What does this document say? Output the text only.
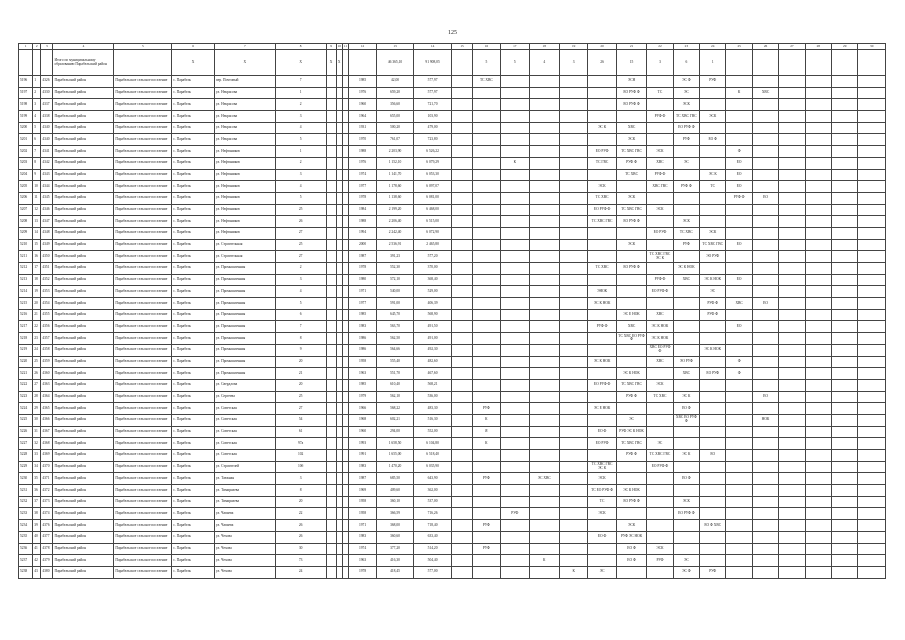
125
1	2	3	4	5	6	7	8	9	10	11	12	13	14	15	16	17	18	19	20	21	22	23	24	25	26	27	28	29	30
			Итого по муниципальному образованию Парабельский район		X	X	X	X	X			46 365,10	91 908,05		5	5	4	3	26	15	3	6	1						
5196	1	4326	Парабельский район	Парабельское сельское поселение	с. Парабель	пер. Почтовый	7				1985	42,00	577,97		ТС ХВС					ЭСН		ЭС Ф	РУФ						
5197	2	4330	Парабельский район	Парабельское сельское поселение	с. Парабель	ул. Некрасова	1				1976	659,20	577,97							ЕО РУФ Ф	ТС	ЭС		К	ХВС				
5198	3	4337	Парабельский район	Парабельское сельское поселение	с. Парабель	ул. Некрасова	2				1960	356,60	721,70							ЕО РУФ Ф		ЭСК							
5199	4	4338	Парабельский район	Парабельское сельское поселение	с. Парабель	ул. Некрасова	3				1964	655,00	103,90								РУФ Ф	ТС ХВС ГВС	ЭСК						
5200	5	4340	Парабельский район	Парабельское сельское поселение	с. Парабель	ул. Некрасова	4				1931	500,20	479,00						ЭС К	ХВС		ЕО РУФ Ф							
5201	6	4340	Парабельский район	Парабельское сельское поселение	с. Парабель	ул. Некрасова	5				1970	761,07	723,80							ЭСК		РУФ	ЕО Ф						
5202	7	4341	Парабельский район	Парабельское сельское поселение	с. Парабель	ул. Нефтяников	1				1988	2 203,90	6 526,22						ЕО РУФ	ТС ХВС ГВС	ЭСК			Ф					
5203	8	4342	Парабельский район	Парабельское сельское поселение	с. Парабель	ул. Нефтяников	2				1976	1 152,10	6 079,29			К			ТС ГВС	РУФ Ф	ХВС	ЭС		ЕО					
5204	9	4343	Парабельский район	Парабельское сельское поселение	с. Парабель	ул. Нефтяников	3				1974	1 141,70	6 053,30							ТС ХВС	РУФ Ф		ЭС К	ЕО					
5205	10	4344	Парабельский район	Парабельское сельское поселение	с. Парабель	ул. Нефтяников	4				1977	1 178,60	6 097,07						ЭСК		ХВС ГВС	РУФ Ф	ТС	ЕО					
5206	11	4345	Парабельский район	Парабельское сельское поселение	с. Парабель	ул. Нефтяников	5				1978	1 138,60	6 081,00						ТС ХВС	ЭСК				РУФ Ф	ЕО				
5207	12	4346	Парабельский район	Парабельское сельское поселение	с. Парабель	ул. Нефтяников	25				1984	2 199,20	6 468,00						ЕО РУФ Ф	ТС ХВС ГВС	ЭСК								
5208	13	4347	Парабельский район	Парабельское сельское поселение	с. Парабель	ул. Нефтяников	26				1988	2 206,40	6 515,00						ТС ХВС ГВС	ЕО РУФ Ф		ЭСК							
5209	14	4348	Парабельский район	Парабельское сельское поселение	с. Парабель	ул. Нефтяников	27				1994	2 242,40	6 072,90								ЕО РУФ	ТС ХВС	ЭСК						
5210	15	4349	Парабельский район	Парабельское сельское поселение	с. Парабель	ул. Строительная	25				2000	2 536,91	2 465,80							ЭСК		РУФ	ТС ХВС ГВС	ЕО					
5211	16	4350	Парабельский район	Парабельское сельское поселение	с. Парабель	ул. Строительная	27				1987	391,23	577,20								ТС ХВС ГВС ЭС К		ЭО РУФ						
5212	17	4351	Парабельский район	Парабельское сельское поселение	с. Парабель	ул. Промышленная	2				1978	552,30	370,00						ТС ХВС	ЕО РУФ Ф		ЭС К НОК							
5213	18	4352	Парабельский район	Парабельское сельское поселение	с. Парабель	ул. Промышленная	3				1980	572,10	368,40								РУФ Ф	ХВС	ЭС К НОК	ЕО					
5214	19	4353	Парабельский район	Парабельское сельское поселение	с. Парабель	ул. Промышленная	4				1971	540,00	529,00						ЭНОК		ЕО РУФ Ф		ЭС						
5215	20	4354	Парабельский район	Парабельское сельское поселение	с. Парабель	ул. Промышленная	5				1977	591,00	406,39						ЭС К НОК				РУФ Ф	ХВС	ЕО				
5216	21	4355	Парабельский район	Парабельское сельское поселение	с. Парабель	ул. Промышленная	6				1985	645,70	568,90							ЭС Е НОК	ХВС		РУФ Ф						
5217	22	4356	Парабельский район	Парабельское сельское поселение	с. Парабель	ул. Промышленная	7				1983	563,70	491,50						РУФ Ф	ХВС	ЭС К НОК			ЕО					
5218	23	4357	Парабельский район	Парабельское сельское поселение	с. Парабель	ул. Промышленная	8				1986	562,50	491,00							ТС ХВС ЕО РУФ Ф	ЭС К НОК								
5219	24	4358	Парабельский район	Парабельское сельское поселение	с. Парабель	ул. Промышленная	9				1986	564,66	492,30								ХВС ЕО РУФ Ф		ЭС К НОК						
5220	25	4359	Парабельский район	Парабельское сельское поселение	с. Парабель	ул. Промышленная	20				1958	555,40	482,60						ЭС К НОК		ХВС	ЭО РУФ		Ф					
5221	26	4360	Парабельский район	Парабельское сельское поселение	с. Парабель	ул. Промышленная	21				1963	551,70	467,60							ЭС К НОК		ХВС	ЕО РУФ	Ф					
5222	27	4363	Парабельский район	Парабельское сельское поселение	с. Парабель	ул. Свердлова	20				1985	610,40	568,21						ЕО РУФ Ф	ТС ХВС ГВС	ЭСК								
5223	28	4364	Парабельский район	Парабельское сельское поселение	с. Парабель	ул. Сергеева	25				1979	562,10	536,00							РУФ Ф	ТС ХВС	ЭС К			ЕО				
5224	29	4365	Парабельский район	Парабельское сельское поселение	с. Парабель	ул. Советская	27				1966	568,22	483,30		РУФ				ЭС Е НОК			ЕО Ф							
5225	30	4366	Парабельский район	Парабельское сельское поселение	с. Парабель	ул. Советская	54				1968	602,21	516,30		К					ЭС		ХВС ЕО РУФ Ф			НОК				
5226	31	4367	Парабельский район	Парабельское сельское поселение	с. Парабель	ул. Советская	61				1960	294,00	552,00		Я				ЕО Ф	РУФ ЭС К НОК									
5227	32	4368	Парабельский район	Парабельское сельское поселение	с. Парабель	ул. Советская	97а				1993	1 658,50	6 104,80		К				ЕО РУФ	ТС ХВС ГВС	ЭС								
5228	33	4369	Парабельский район	Парабельское сельское поселение	с. Парабель	ул. Советская	102				1991	1 655,00	6 518,40							РУФ Ф	ТС ХВС ГВС	ЭС К	ЕО						
5229	34	4370	Парабельский район	Парабельское сельское поселение	с. Парабель	ул. Строителей	10б				1983	1 470,20	6 035,90						ТС ХВС ГВС ЭС К		ЕО РУФ Ф								
5230	35	4371	Парабельский район	Парабельское сельское поселение	с. Парабель	ул. Таежная	3				1987	685,50	643,90		РУФ		ЭС ХВС		ЭСК			ЕО Ф							
5231	36	4372	Парабельский район	Парабельское сельское поселение	с. Парабель	ул. Тимирязева	8				1969	409,60	362,00						ТС ЕО РУФ Ф	ЭС К НОК									
5232	37	4373	Парабельский район	Парабельское сельское поселение	с. Парабель	ул. Тимирязева	20				1958	360,10	537,00						ТС	ЕО РУФ Ф		ЭСК							
5233	38	4374	Парабельский район	Парабельское сельское поселение	с. Парабель	ул. Чапаева	22				1958	366,59	716,26			РУФ			ЭСК			ЕО РУФ Ф							
5234	39	4376	Парабельский район	Парабельское сельское поселение	с. Парабель	ул. Чапаева	26				1971	368,00	718,40		РУФ					ЭСК			ЕО Ф ХВС						
5235	40	4377	Парабельский район	Парабельское сельское поселение	с. Парабель	ул. Чехова	26				1983	360,60	633,40						ЕО Ф	РУФ ЭС НОК									
5236	41	4378	Парабельский район	Парабельское сельское поселение	с. Парабель	ул. Чехова	30				1974	377,20	514,20		РУФ					ЕО Ф	ЭСК								
5237	42	4379	Парабельский район	Парабельское сельское поселение	с. Парабель	ул. Чехова	73				1963	416,30	504,40				К			ЕО Ф	РУФ	ЭС							
5238	43	4380	Парабельский район	Парабельское сельское поселение	с. Парабель	ул. Чехова	24				1978	418,45	577,00					К	ЭС			ЭС Ф	РУФ						
